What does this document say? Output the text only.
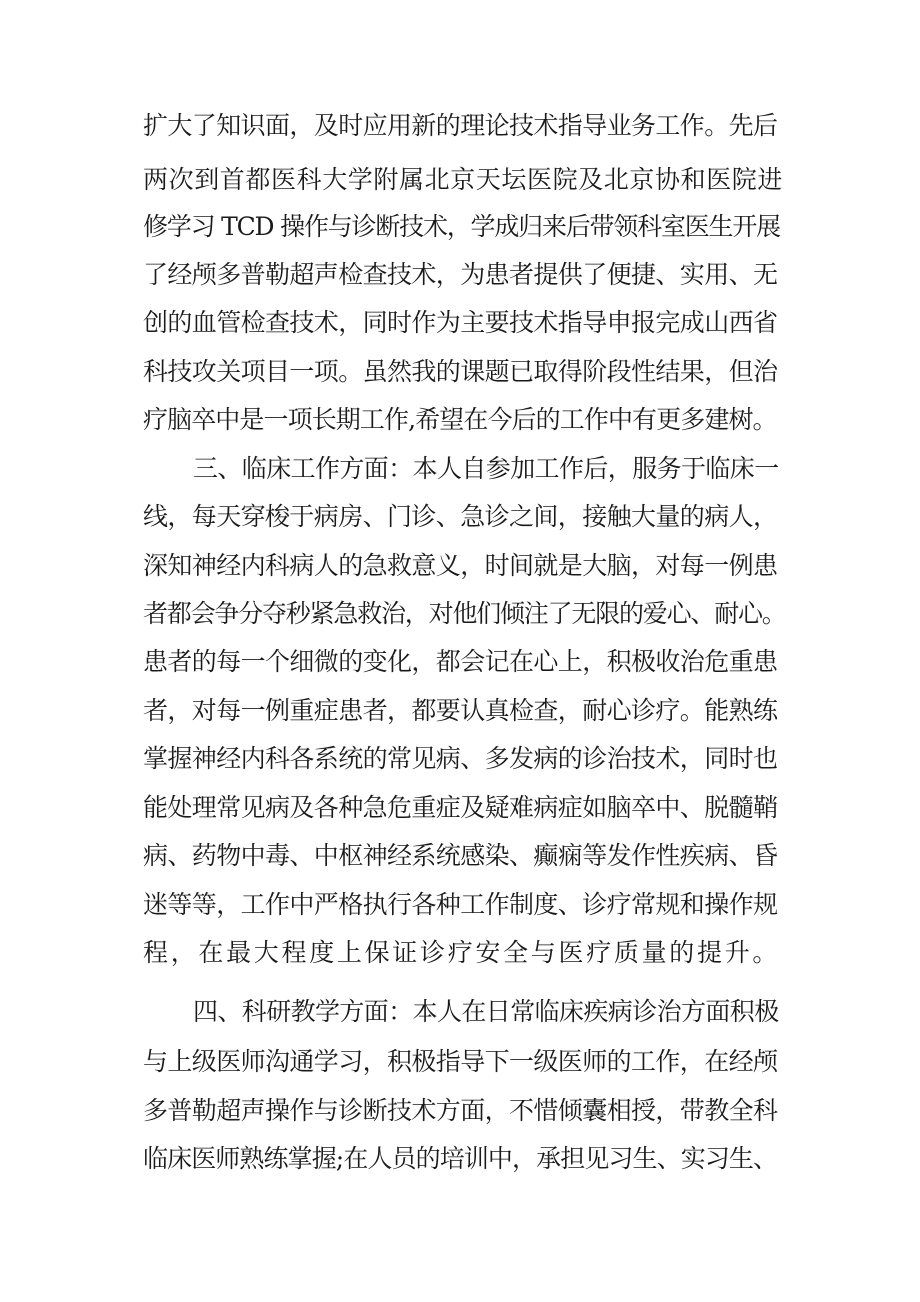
扩大了知识面，及时应用新的理论技术指导业务工作。先后
两次到首都医科大学附属北京天坛医院及北京协和医院进
修学习 TCD 操作与诊断技术，学成归来后带领科室医生开展
了经颅多普勒超声检查技术，为患者提供了便捷、实用、无
创的血管检查技术，同时作为主要技术指导申报完成山西省
科技攻关项目一项。虽然我的课题已取得阶段性结果，但治
疗脑卒中是一项长期工作,希望在今后的工作中有更多建树。
三、临床工作方面：本人自参加工作后，服务于临床一
线，每天穿梭于病房、门诊、急诊之间，接触大量的病人，
深知神经内科病人的急救意义，时间就是大脑，对每一例患
者都会争分夺秒紧急救治，对他们倾注了无限的爱心、耐心。
患者的每一个细微的变化，都会记在心上，积极收治危重患
者，对每一例重症患者，都要认真检查，耐心诊疗。能熟练
掌握神经内科各系统的常见病、多发病的诊治技术，同时也
能处理常见病及各种急危重症及疑难病症如脑卒中、脱髓鞘
病、药物中毒、中枢神经系统感染、癫痫等发作性疾病、昏
迷等等，工作中严格执行各种工作制度、诊疗常规和操作规
程，在最大程度上保证诊疗安全与医疗质量的提升。
四、科研教学方面：本人在日常临床疾病诊治方面积极
与上级医师沟通学习，积极指导下一级医师的工作，在经颅
多普勒超声操作与诊断技术方面，不惜倾囊相授，带教全科
临床医师熟练掌握;在人员的培训中，承担见习生、实习生、
